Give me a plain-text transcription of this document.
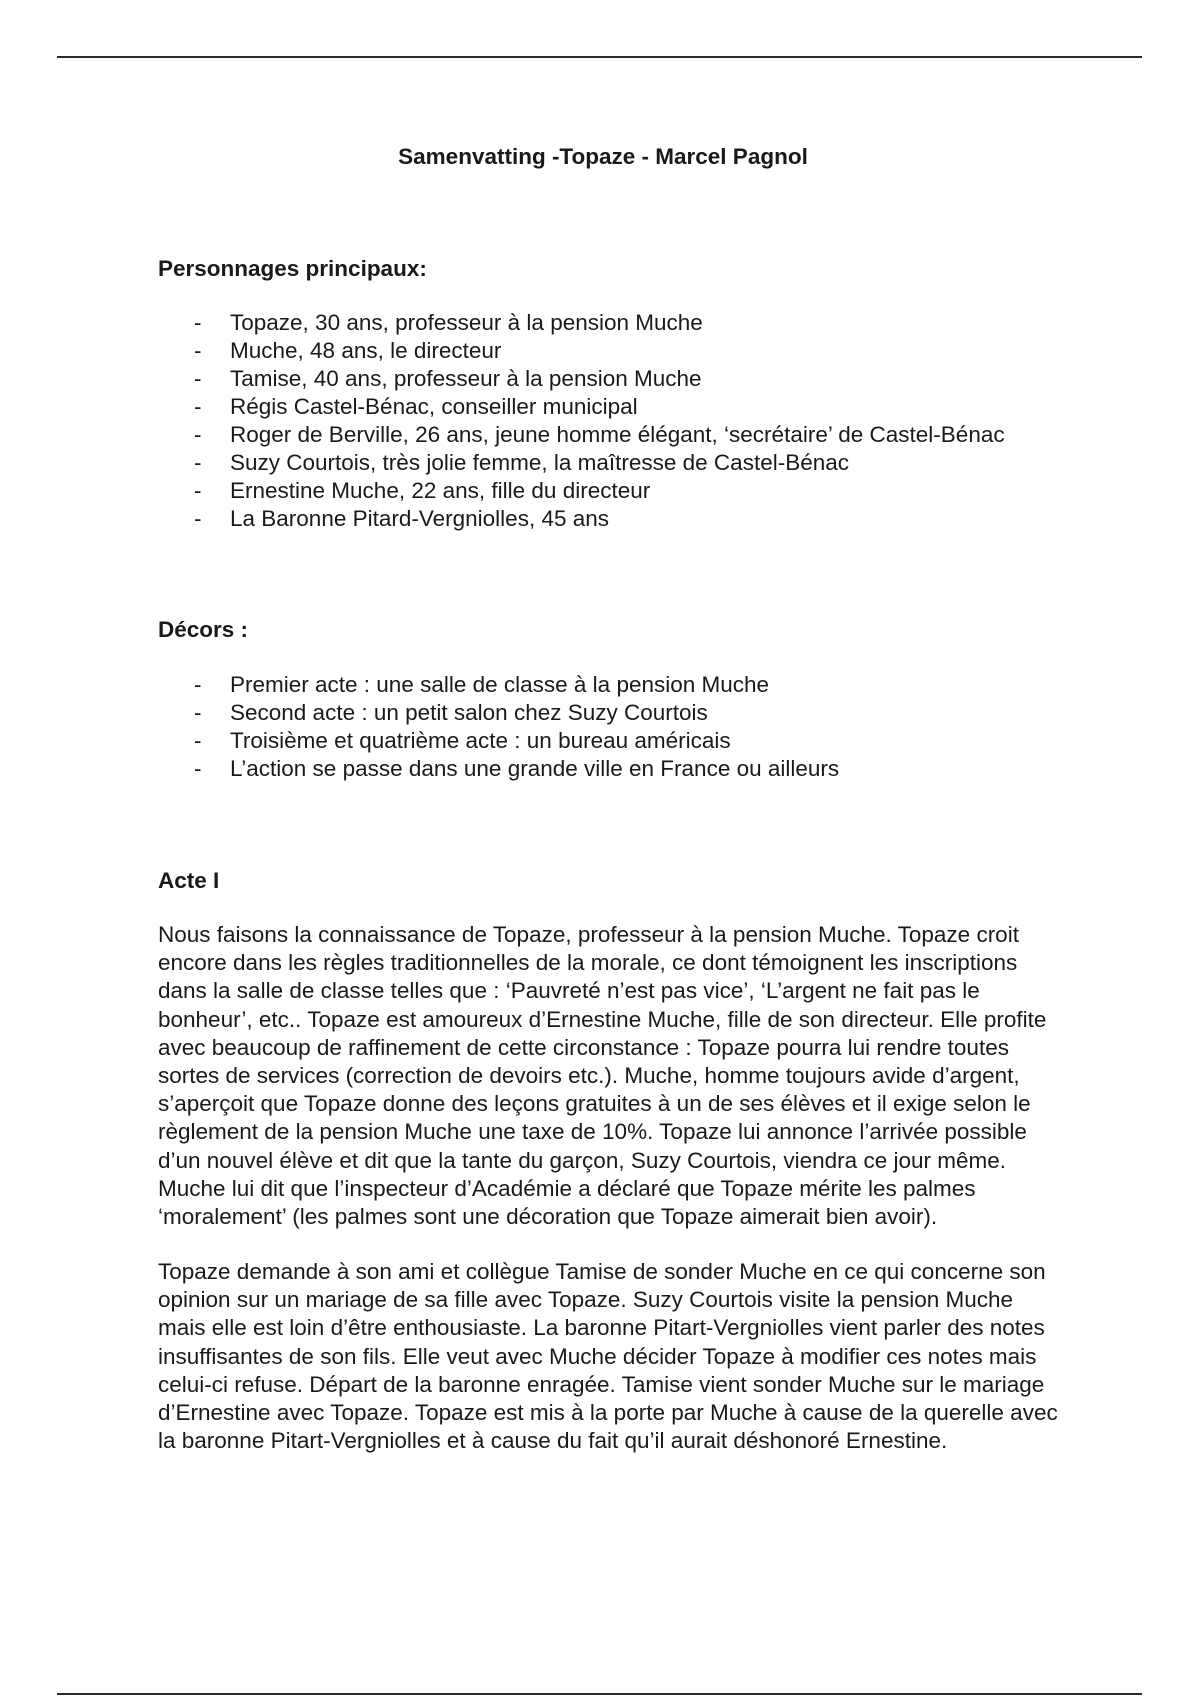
Samenvatting -Topaze - Marcel Pagnol
Personnages principaux:
- Topaze, 30 ans, professeur à la pension Muche
- Muche, 48 ans, le directeur
- Tamise, 40 ans, professeur à la pension Muche
- Régis Castel-Bénac, conseiller municipal
- Roger de Berville, 26 ans, jeune homme élégant, ‘secrétaire’ de Castel-Bénac
- Suzy Courtois, très jolie femme, la maîtresse de Castel-Bénac
- Ernestine Muche, 22 ans, fille du directeur
- La Baronne Pitard-Vergniolles, 45 ans
Décors :
- Premier acte : une salle de classe à la pension Muche
- Second acte : un petit salon chez Suzy Courtois
- Troisième et quatrième acte : un bureau américais
- L’action se passe dans une grande ville en France ou ailleurs
Acte I

Nous faisons la connaissance de Topaze, professeur à la pension Muche. Topaze croit encore dans les règles traditionnelles de la morale, ce dont témoignent les inscriptions dans la salle de classe telles que : ‘Pauvreté n’est pas vice’, ‘L’argent ne fait pas le bonheur’, etc.. Topaze est amoureux d’Ernestine Muche, fille de son directeur. Elle profite avec beaucoup de raffinement de cette circonstance : Topaze pourra lui rendre toutes sortes de services (correction de devoirs etc.). Muche, homme toujours avide d’argent, s’aperçoit que Topaze donne des leçons gratuites à un de ses élèves et il exige selon le règlement de la pension Muche une taxe de 10%. Topaze lui annonce l’arrivée possible d’un nouvel élève et dit que la tante du garçon, Suzy Courtois, viendra ce jour même. Muche lui dit que l’inspecteur d’Académie a déclaré que Topaze mérite les palmes ‘moralement’ (les palmes sont une décoration que Topaze aimerait bien avoir).

Topaze demande à son ami et collègue Tamise de sonder Muche en ce qui concerne son opinion sur un mariage de sa fille avec Topaze. Suzy Courtois visite la pension Muche mais elle est loin d’être enthousiaste. La baronne Pitart-Vergniolles vient parler des notes insuffisantes de son fils. Elle veut avec Muche décider Topaze à modifier ces notes mais celui-ci refuse. Départ de la baronne enragée. Tamise vient sonder Muche sur le mariage d’Ernestine avec Topaze. Topaze est mis à la porte par Muche à cause de la querelle avec la baronne Pitart-Vergniolles et à cause du fait qu’il aurait déshonoré Ernestine.
